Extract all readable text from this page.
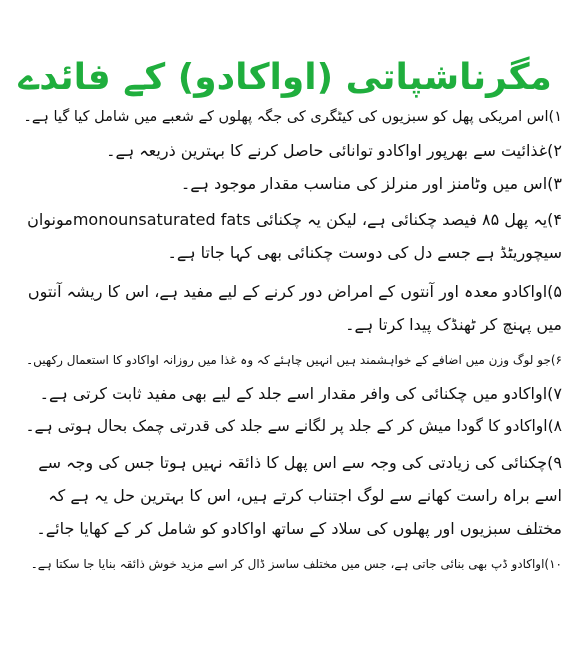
مگرناشپاتی (اواکادو) کے فائدے

۱)اس امریکی پھل کو سبزیوں کی کیٹگری کی جگہ پھلوں کے شعبے میں شامل کیا گیا ہے۔

۲)غذائیت سے بھرپور اواکادو توانائی حاصل کرنے کا بہترین ذریعہ ہے۔

۳)اس میں وٹامنز اور منرلز کی مناسب مقدار موجود ہے۔

۴)یہ پھل ۸۵ فیصد چکنائی ہے، لیکن یہ چکنائی monounsaturated fatsمونوان سیچوریٹڈ ہے جسے دل کی دوست چکنائی بھی کہا جاتا ہے۔

۵)اواکادو معدہ اور آنتوں کے امراض دور کرنے کے لیے مفید ہے، اس کا ریشہ آنتوں میں پہنچ کر ٹھنڈک پیدا کرتا ہے۔

۶)جو لوگ وزن میں اضافے کے خواہشمند ہیں انہیں چاہئے کہ وہ غذا میں روزانہ اواکادو کا استعمال رکھیں۔

۷)اواکادو میں چکنائی کی وافر مقدار اسے جلد کے لیے بھی مفید ثابت کرتی ہے۔

۸)اواکادو کا گودا میش کر کے جلد پر لگانے سے جلد کی قدرتی چمک بحال ہوتی ہے۔

۹)چکنائی کی زیادتی کی وجہ سے اس پھل کا ذائقہ نہیں ہوتا جس کی وجہ سے اسے براہ راست کھانے سے لوگ اجتناب کرتے ہیں، اس کا بہترین حل یہ ہے کہ مختلف سبزیوں اور پھلوں کی سلاد کے ساتھ اواکادو کو شامل کر کے کھایا جائے۔

۱۰)اواکادو ڈپ بھی بنائی جاتی ہے، جس میں مختلف ساسز ڈال کر اسے مزید خوش ذائقہ بنایا جا سکتا ہے۔
